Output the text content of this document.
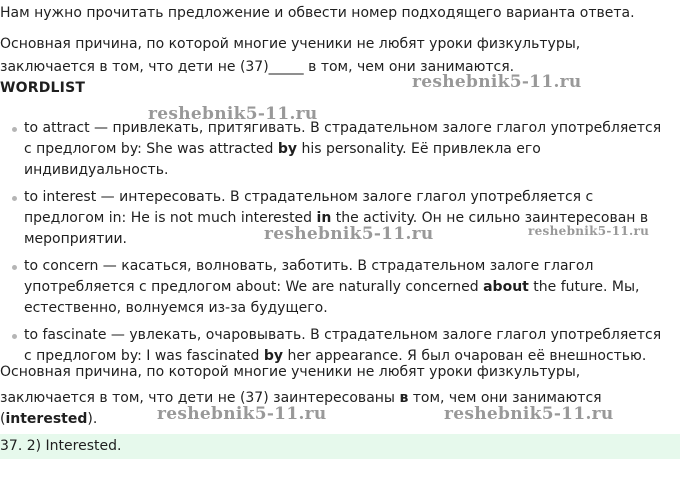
Нам нужно прочитать предложение и обвести номер подходящего варианта ответа.
Основная причина, по которой многие ученики не любят уроки физкультуры,
заключается в том, что дети не (37)_____ в том, чем они занимаются.
WORDLIST
to attract — привлекать, притягивать. В страдательном залоге глагол употребляется
с предлогом by: She was attracted by his personality. Её привлекла его
индивидуальность.
to interest — интересовать. В страдательном залоге глагол употребляется с
предлогом in: He is not much interested in the activity. Он не сильно заинтересован в
мероприятии.
to concern — касаться, волновать, заботить. В страдательном залоге глагол
употребляется с предлогом about: We are naturally concerned about the future. Мы,
естественно, волнуемся из-за будущего.
to fascinate — увлекать, очаровывать. В страдательном залоге глагол употребляется
с предлогом by: I was fascinated by her appearance. Я был очарован её внешностью.
Основная причина, по которой многие ученики не любят уроки физкультуры,
заключается в том, что дети не (37) заинтересованы в том, чем они занимаются
(interested).
37. 2) Interested.
reshebnik5-11.ru
reshebnik5-11.ru
reshebnik5-11.ru	reshebnik5-11.ru
reshebnik5-11.ru	reshebnik5-11.ru
